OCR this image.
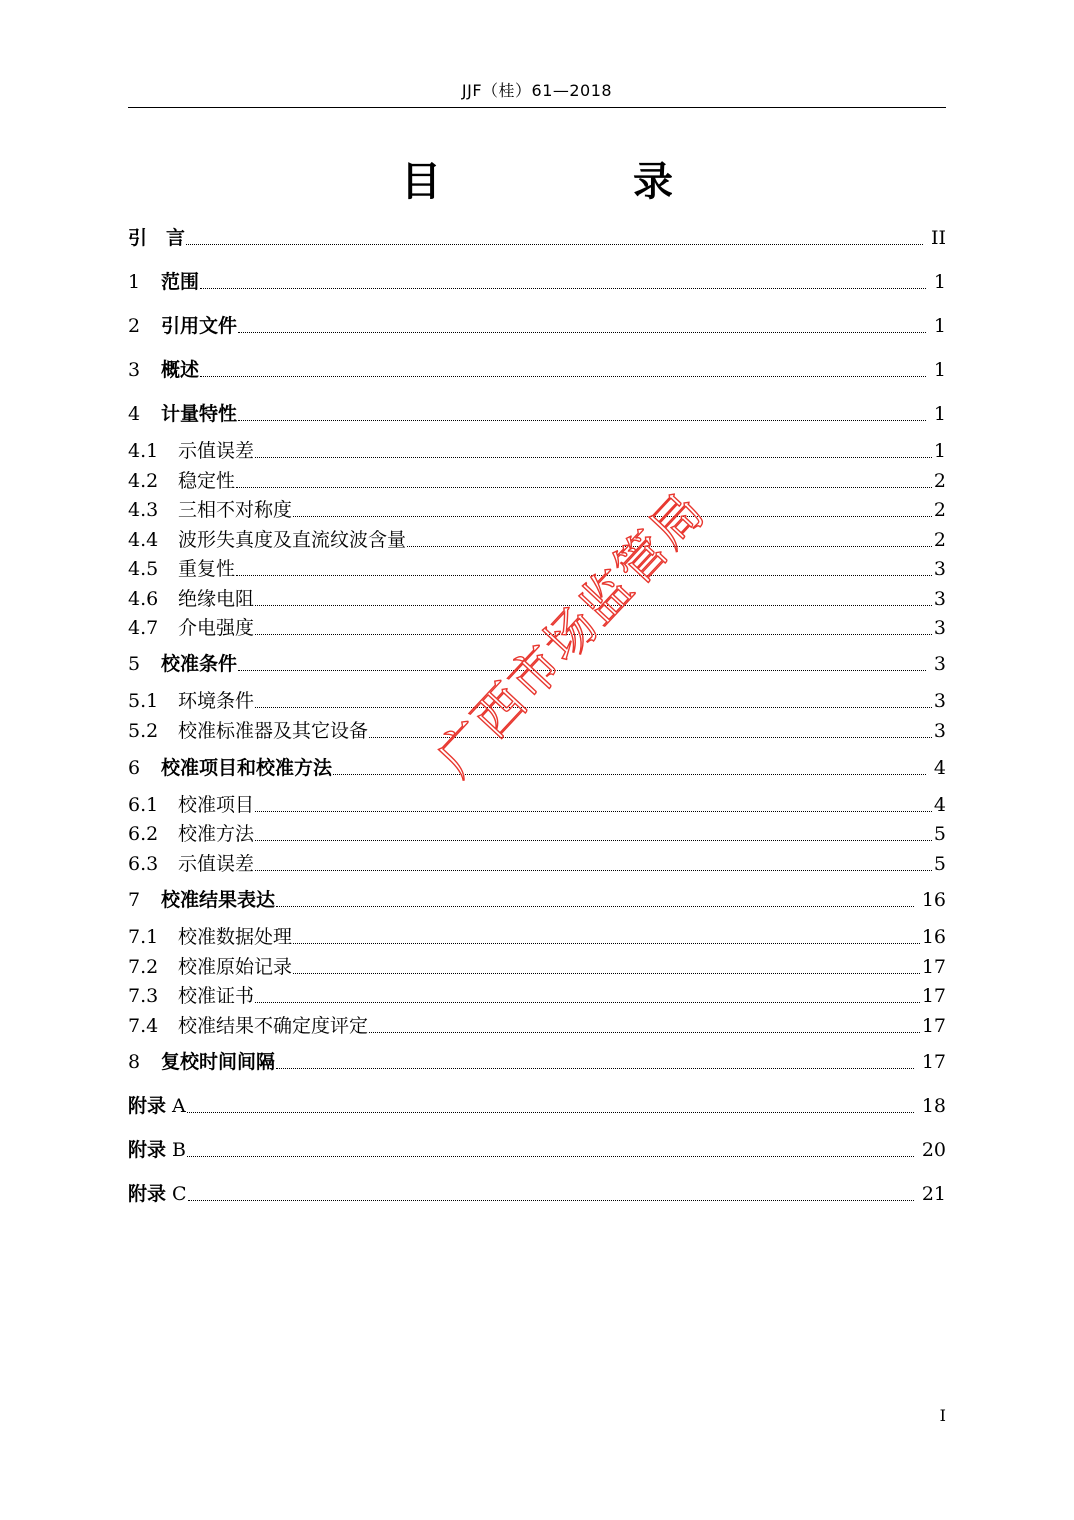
JJF（桂）61—2018
目　录
引　言	II
1	范围	1
2	引用文件	1
3	概述	1
4	计量特性	1
4.1	示值误差	1
4.2	稳定性	2
4.3	三相不对称度	2
4.4	波形失真度及直流纹波含量	2
4.5	重复性	3
4.6	绝缘电阻	3
4.7	介电强度	3
5	校准条件	3
5.1	环境条件	3
5.2	校准标准器及其它设备	3
6	校准项目和校准方法	4
6.1	校准项目	4
6.2	校准方法	5
6.3	示值误差	5
7	校准结果表达	16
7.1	校准数据处理	16
7.2	校准原始记录	17
7.3	校准证书	17
7.4	校准结果不确定度评定	17
8	复校时间间隔	17
附录 A	18
附录 B	20
附录 C	21
广西市场监管局
I
